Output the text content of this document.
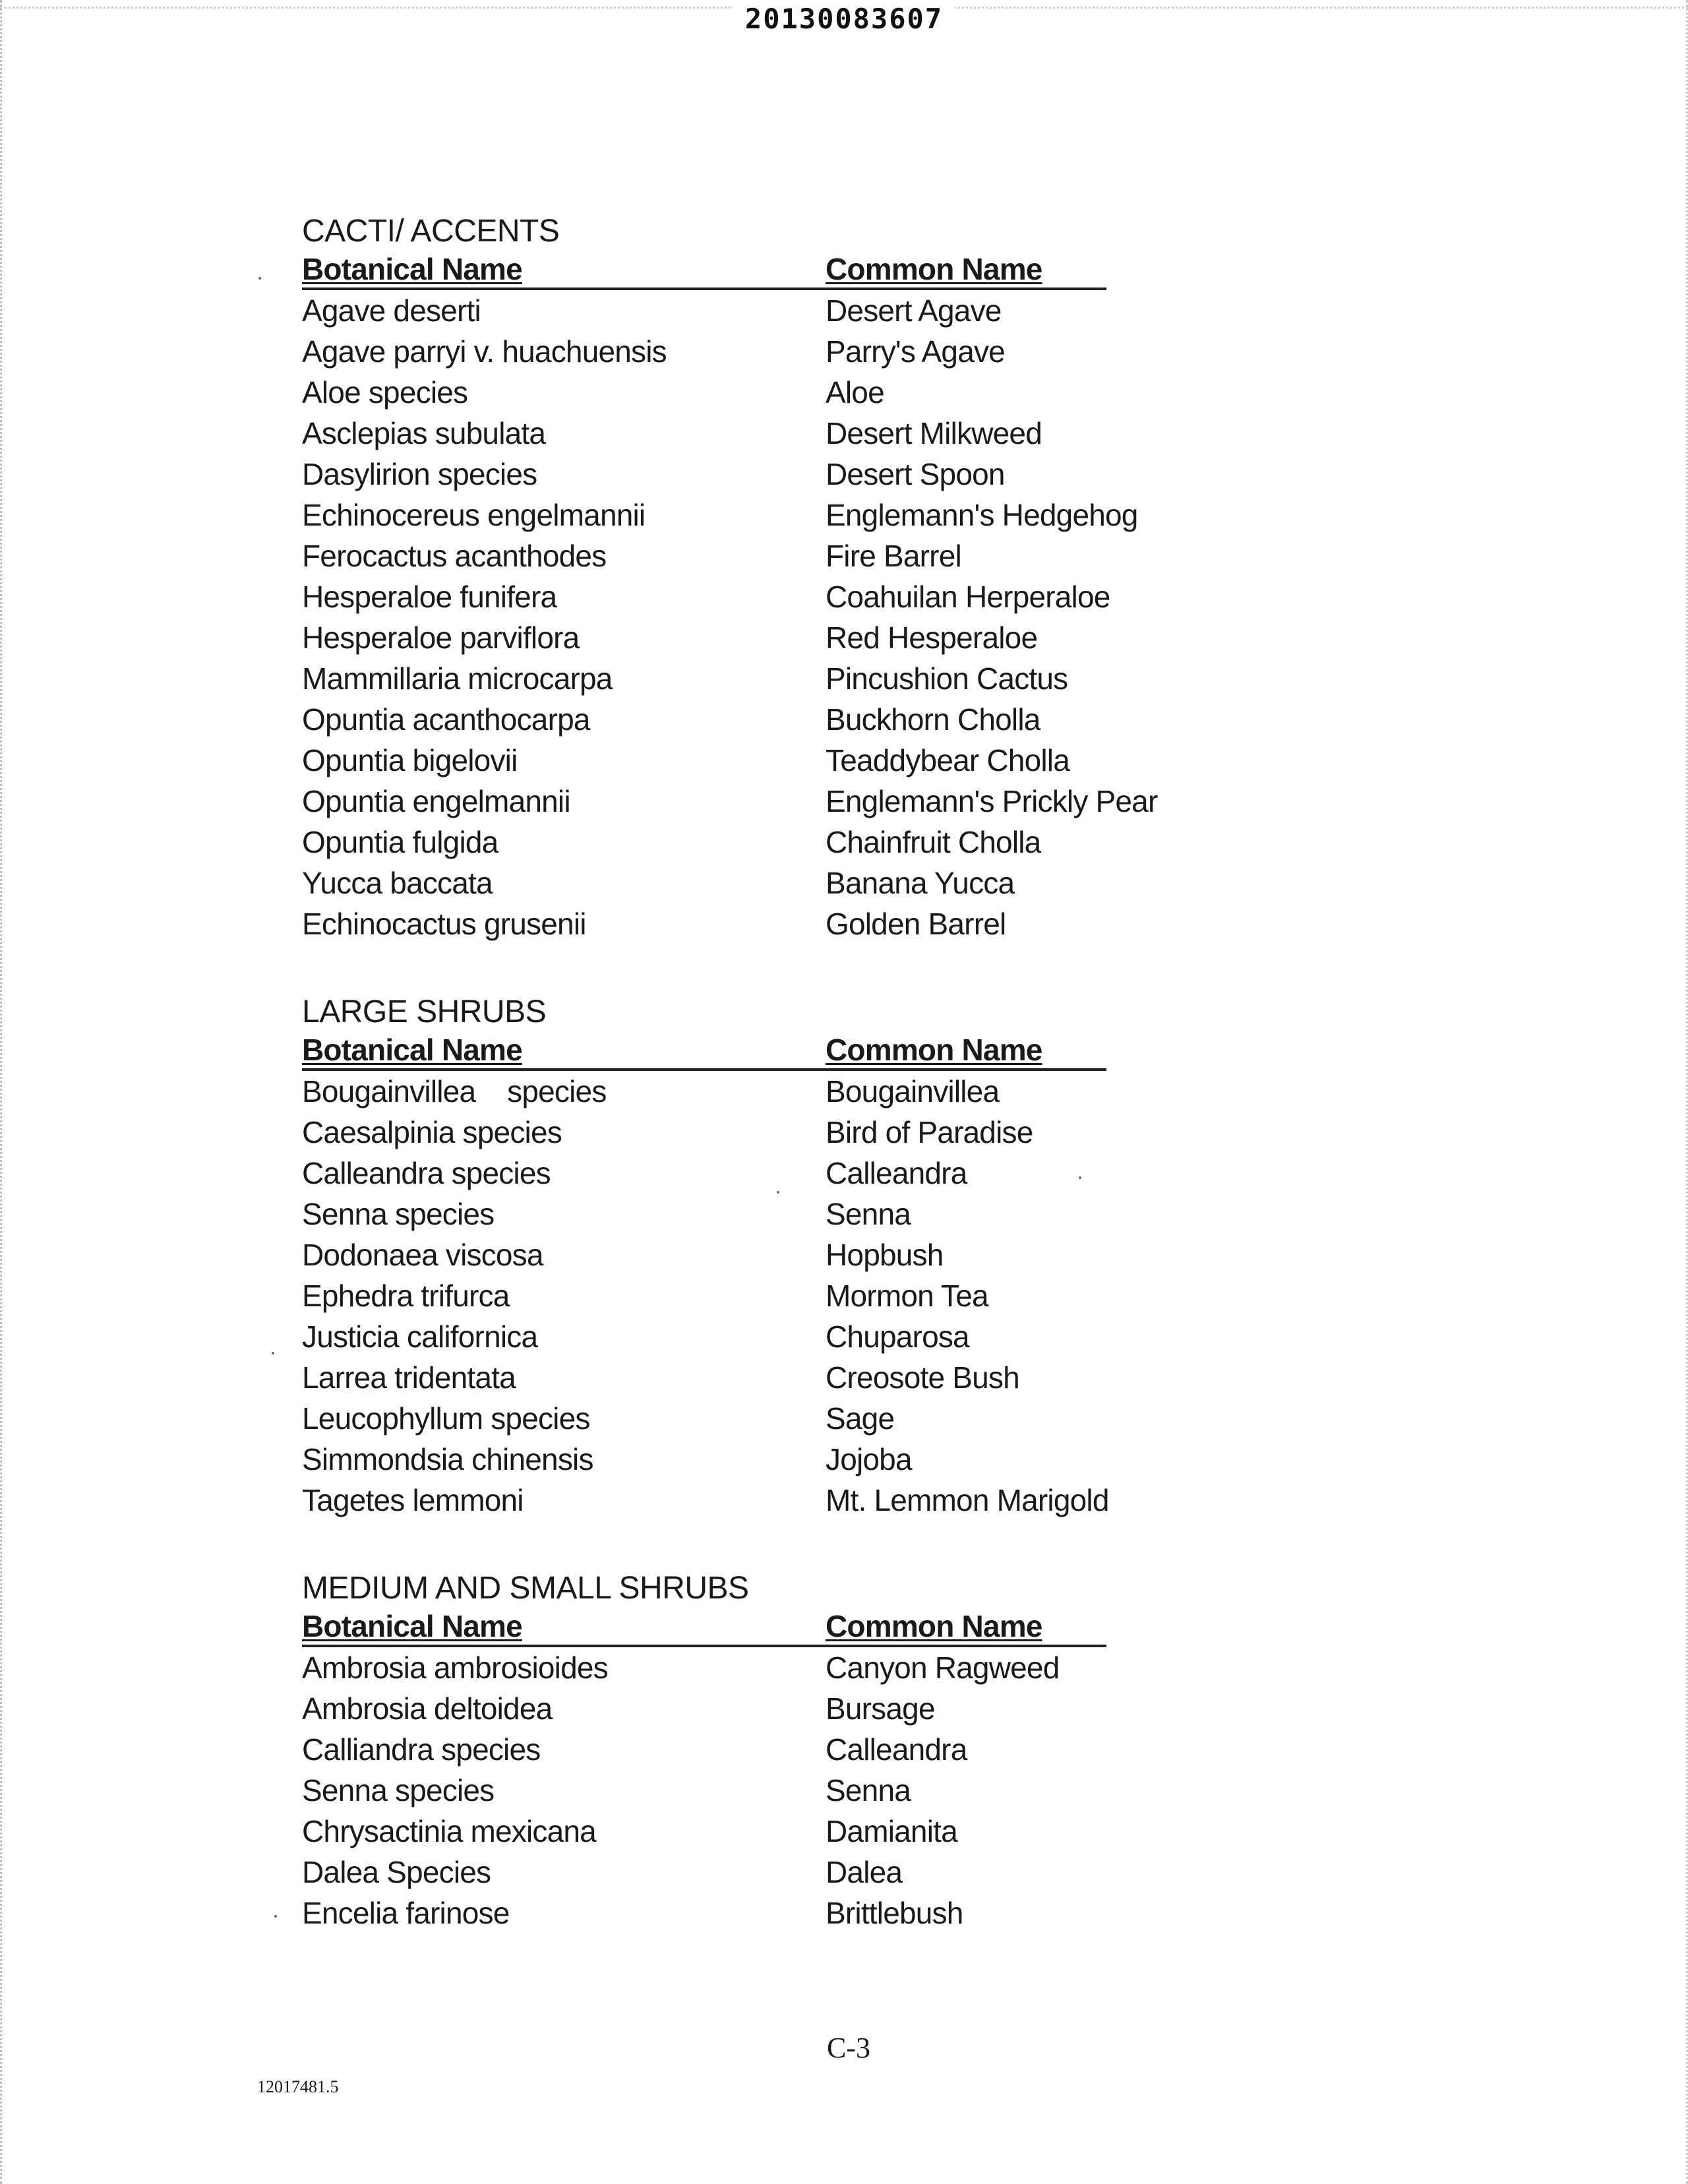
20130083607
CACTI/ ACCENTS
Botanical Name	Common Name
Agave deserti	Desert Agave
Agave parryi v. huachuensis	Parry's Agave
Aloe species	Aloe
Asclepias subulata	Desert Milkweed
Dasylirion species	Desert Spoon
Echinocereus engelmannii	Englemann's Hedgehog
Ferocactus acanthodes	Fire Barrel
Hesperaloe funifera	Coahuilan Herperaloe
Hesperaloe parviflora	Red Hesperaloe
Mammillaria microcarpa	Pincushion Cactus
Opuntia acanthocarpa	Buckhorn Cholla
Opuntia bigelovii	Teaddybear Cholla
Opuntia engelmannii	Englemann's Prickly Pear
Opuntia fulgida	Chainfruit Cholla
Yucca baccata	Banana Yucca
Echinocactus grusenii	Golden Barrel
LARGE SHRUBS
Botanical Name	Common Name
Bougainvillea    species	Bougainvillea
Caesalpinia species	Bird of Paradise
Calleandra species	Calleandra
Senna species	Senna
Dodonaea viscosa	Hopbush
Ephedra trifurca	Mormon Tea
Justicia californica	Chuparosa
Larrea tridentata	Creosote Bush
Leucophyllum species	Sage
Simmondsia chinensis	Jojoba
Tagetes lemmoni	Mt. Lemmon Marigold
MEDIUM AND SMALL SHRUBS
Botanical Name	Common Name
Ambrosia ambrosioides	Canyon Ragweed
Ambrosia deltoidea	Bursage
Calliandra species	Calleandra
Senna species	Senna
Chrysactinia mexicana	Damianita
Dalea Species	Dalea
Encelia farinose	Brittlebush
C-3
12017481.5
